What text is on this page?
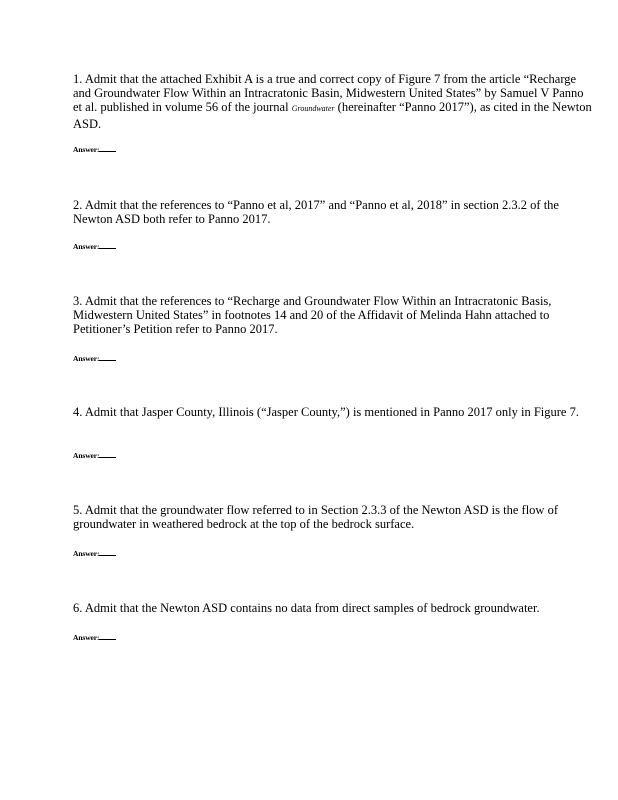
1. Admit that the attached Exhibit A is a true and correct copy of Figure 7 from the article “Recharge and Groundwater Flow Within an Intracratonic Basin, Midwestern United States” by Samuel V Panno et al. published in volume 56 of the journal Groundwater (hereinafter “Panno 2017”), as cited in the Newton ASD.

Answer:

2. Admit that the references to “Panno et al, 2017” and “Panno et al, 2018” in section 2.3.2 of the Newton ASD both refer to Panno 2017.

Answer:

3. Admit that the references to “Recharge and Groundwater Flow Within an Intracratonic Basis, Midwestern United States” in footnotes 14 and 20 of the Affidavit of Melinda Hahn attached to Petitioner’s Petition refer to Panno 2017.

Answer:

4. Admit that Jasper County, Illinois (“Jasper County,”) is mentioned in Panno 2017 only in Figure 7.

Answer:

5. Admit that the groundwater flow referred to in Section 2.3.3 of the Newton ASD is the flow of groundwater in weathered bedrock at the top of the bedrock surface.

Answer:

6. Admit that the Newton ASD contains no data from direct samples of bedrock groundwater.

Answer:
